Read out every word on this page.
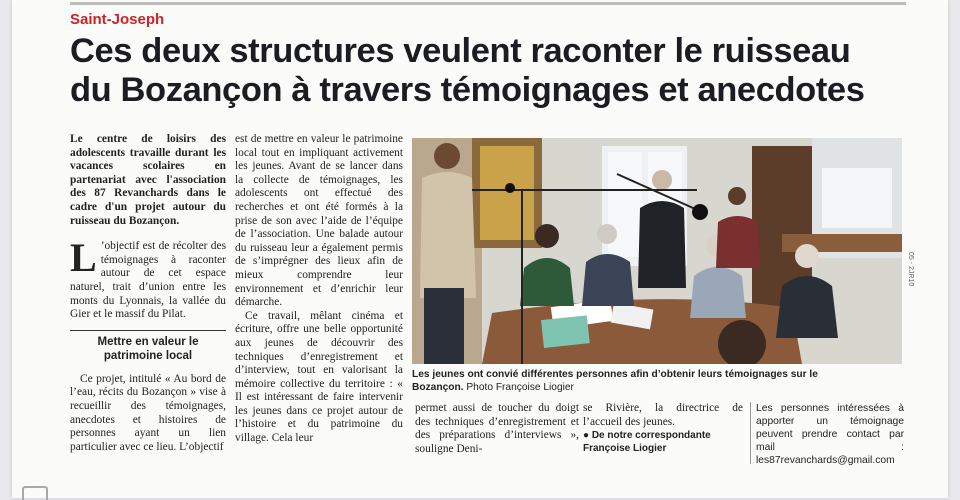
Saint-Joseph
Ces deux structures veulent raconter le ruisseau
du Bozançon à travers témoignages et anecdotes

Le centre de loisirs des adolescents travaille durant les vacances scolaires en partenariat avec l'association des 87 Revanchards dans le cadre d'un projet autour du ruisseau du Bozançon.

L ’objectif est de récolter des témoignages à raconter autour de cet espace naturel, trait d’union entre les monts du Lyonnais, la vallée du Gier et le massif du Pilat.

Mettre en valeur le patrimoine local

Ce projet, intitulé « Au bord de l’eau, récits du Bozançon » vise à recueillir des témoignages, anecdotes et histoires de personnes ayant un lien particulier avec ce lieu. L’objectif

est de mettre en valeur le patrimoine local tout en impliquant activement les jeunes. Avant de se lancer dans la collecte de témoignages, les adolescents ont effectué des recherches et ont été formés à la prise de son avec l’aide de l’équipe de l’association. Une balade autour du ruisseau leur a également permis de s’imprégner des lieux afin de mieux comprendre leur environnement et d’enrichir leur démarche.

Ce travail, mêlant cinéma et écriture, offre une belle opportunité aux jeunes de découvrir des techniques d’enregistrement et d’interview, tout en valorisant la mémoire collective du territoire : « Il est intéressant de faire intervenir les jeunes dans ce projet autour de l’histoire et du patrimoine du village. Cela leur

Les jeunes ont convié différentes personnes afin d’obtenir leurs témoignages sur le Bozançon. Photo Françoise Liogier
05 - 2JR10

permet aussi de toucher du doigt des techniques d’enregistrement et des préparations d’interviews », souligne Deni-

se Rivière, la directrice de l’accueil des jeunes.

● De notre correspondante
Françoise Liogier

Les personnes intéressées à apporter un témoignage peuvent prendre contact par mail : les87revanchards@gmail.com
